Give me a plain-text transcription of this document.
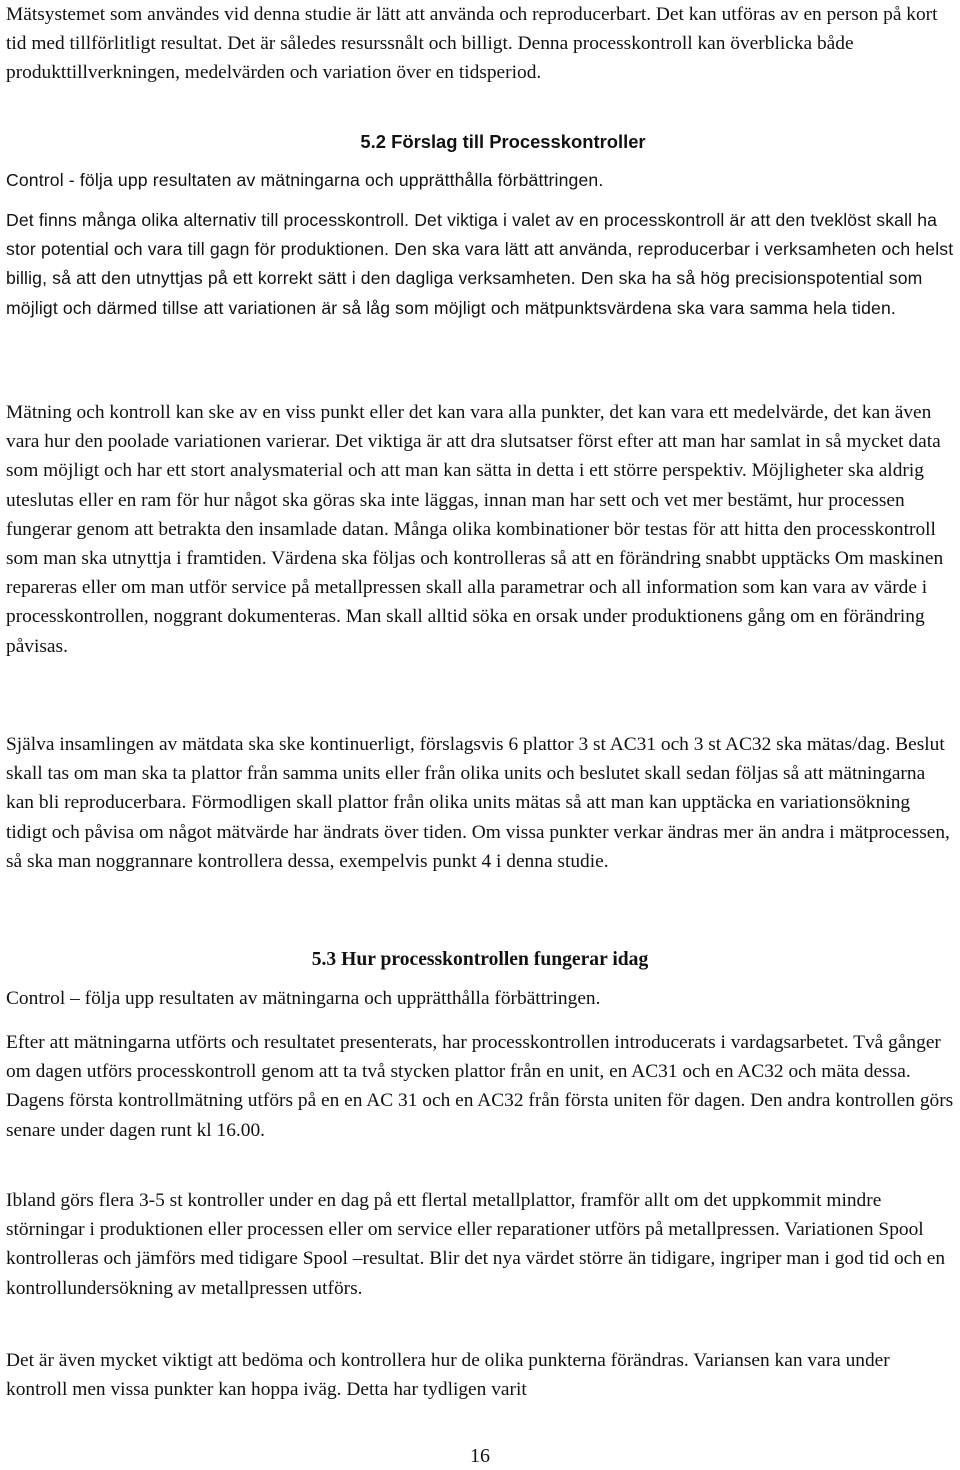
Mätsystemet som användes vid denna studie är lätt att använda och reproducerbart. Det kan utföras av en person på kort tid med tillförlitligt resultat. Det är således resurssnålt och billigt. Denna processkontroll kan överblicka både produkttillverkningen, medelvärden och variation över en tidsperiod.

5.2 Förslag till Processkontroller

Control - följa upp resultaten av mätningarna och upprätthålla förbättringen.

Det finns många olika alternativ till processkontroll. Det viktiga i valet av en processkontroll är att den tveklöst skall ha stor potential och vara till gagn för produktionen. Den ska vara lätt att använda, reproducerbar i verksamheten och helst billig, så att den utnyttjas på ett korrekt sätt i den dagliga verksamheten. Den ska ha så hög precisionspotential som möjligt och därmed tillse att variationen är så låg som möjligt och mätpunktsvärdena ska vara samma hela tiden.

Mätning och kontroll kan ske av en viss punkt eller det kan vara alla punkter, det kan vara ett medelvärde, det kan även vara hur den poolade variationen varierar. Det viktiga är att dra slutsatser först efter att man har samlat in så mycket data som möjligt och har ett stort analysmaterial och att man kan sätta in detta i ett större perspektiv. Möjligheter ska aldrig uteslutas eller en ram för hur något ska göras ska inte läggas, innan man har sett och vet mer bestämt, hur processen fungerar genom att betrakta den insamlade datan. Många olika kombinationer bör testas för att hitta den processkontroll som man ska utnyttja i framtiden. Värdena ska följas och kontrolleras så att en förändring snabbt upptäcks Om maskinen repareras eller om man utför service på metallpressen skall alla parametrar och all information som kan vara av värde i processkontrollen, noggrant dokumenteras. Man skall alltid söka en orsak under produktionens gång om en förändring påvisas.

Själva insamlingen av mätdata ska ske kontinuerligt, förslagsvis 6 plattor 3 st AC31 och 3 st AC32 ska mätas/dag. Beslut skall tas om man ska ta plattor från samma units eller från olika units och beslutet skall sedan följas så att mätningarna kan bli reproducerbara. Förmodligen skall plattor från olika units mätas så att man kan upptäcka en variationsökning tidigt och påvisa om något mätvärde har ändrats över tiden. Om vissa punkter verkar ändras mer än andra i mätprocessen, så ska man noggrannare kontrollera dessa, exempelvis punkt 4 i denna studie.

5.3 Hur processkontrollen fungerar idag

Control – följa upp resultaten av mätningarna och upprätthålla förbättringen.

Efter att mätningarna utförts och resultatet presenterats, har processkontrollen introducerats i vardagsarbetet. Två gånger om dagen utförs processkontroll genom att ta två stycken plattor från en unit, en AC31 och en AC32 och mäta dessa. Dagens första kontrollmätning utförs på en en AC 31 och en AC32 från första uniten för dagen. Den andra kontrollen görs senare under dagen runt kl 16.00.

Ibland görs flera 3-5 st kontroller under en dag på ett flertal metallplattor, framför allt om det uppkommit mindre störningar i produktionen eller processen eller om service eller reparationer utförs på metallpressen. Variationen Spool kontrolleras och jämförs med tidigare Spool –resultat. Blir det nya värdet större än tidigare, ingriper man i god tid och en kontrollundersökning av metallpressen utförs.

Det är även mycket viktigt att bedöma och kontrollera hur de olika punkterna förändras. Variansen kan vara under kontroll men vissa punkter kan hoppa iväg. Detta har tydligen varit

16
